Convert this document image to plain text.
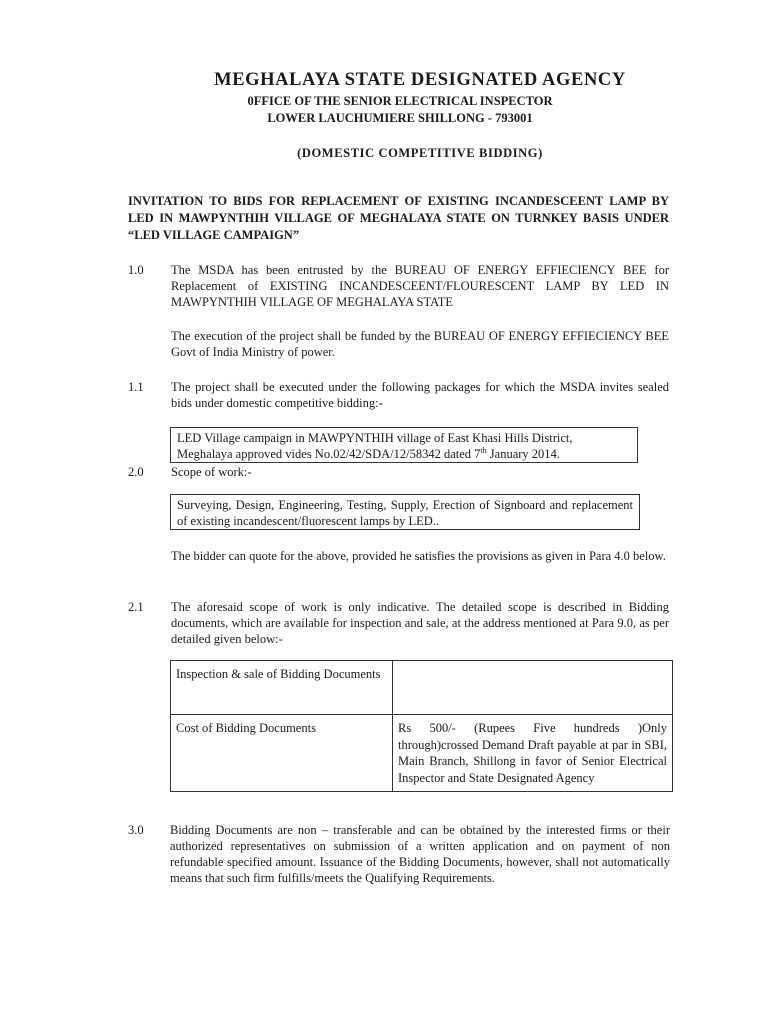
MEGHALAYA STATE DESIGNATED AGENCY
0FFICE OF THE SENIOR ELECTRICAL INSPECTOR
LOWER LAUCHUMIERE SHILLONG - 793001
(DOMESTIC COMPETITIVE BIDDING)
INVITATION TO BIDS FOR REPLACEMENT OF EXISTING INCANDESCEENT LAMP BY LED IN MAWPYNTHIH VILLAGE OF MEGHALAYA STATE ON TURNKEY BASIS UNDER “LED VILLAGE CAMPAIGN”
1.0 The MSDA has been entrusted by the BUREAU OF ENERGY EFFIECIENCY BEE for Replacement of EXISTING INCANDESCEENT/FLOURESCENT LAMP BY LED IN MAWPYNTHIH VILLAGE OF MEGHALAYA STATE
The execution of the project shall be funded by the BUREAU OF ENERGY EFFIECIENCY BEE Govt of India Ministry of power.
1.1 The project shall be executed under the following packages for which the MSDA invites sealed bids under domestic competitive bidding:-
LED Village campaign in MAWPYNTHIH village of East Khasi Hills District,
Meghalaya approved vides No.02/42/SDA/12/58342 dated 7th January 2014.
2.0 Scope of work:-
Surveying, Design, Engineering, Testing, Supply, Erection of Signboard and replacement of existing incandescent/fluorescent lamps by LED..
The bidder can quote for the above, provided he satisfies the provisions as given in Para 4.0 below.
2.1 The aforesaid scope of work is only indicative. The detailed scope is described in Bidding documents, which are available for inspection and sale, at the address mentioned at Para 9.0, as per detailed given below:-
Inspection & sale of Bidding Documents	
Cost of Bidding Documents	Rs 500/- (Rupees Five hundreds )Only through)crossed Demand Draft payable at par in SBI, Main Branch, Shillong in favor of Senior Electrical Inspector and State Designated Agency
3.0 Bidding Documents are non – transferable and can be obtained by the interested firms or their authorized representatives on submission of a written application and on payment of non refundable specified amount. Issuance of the Bidding Documents, however, shall not automatically means that such firm fulfills/meets the Qualifying Requirements.
